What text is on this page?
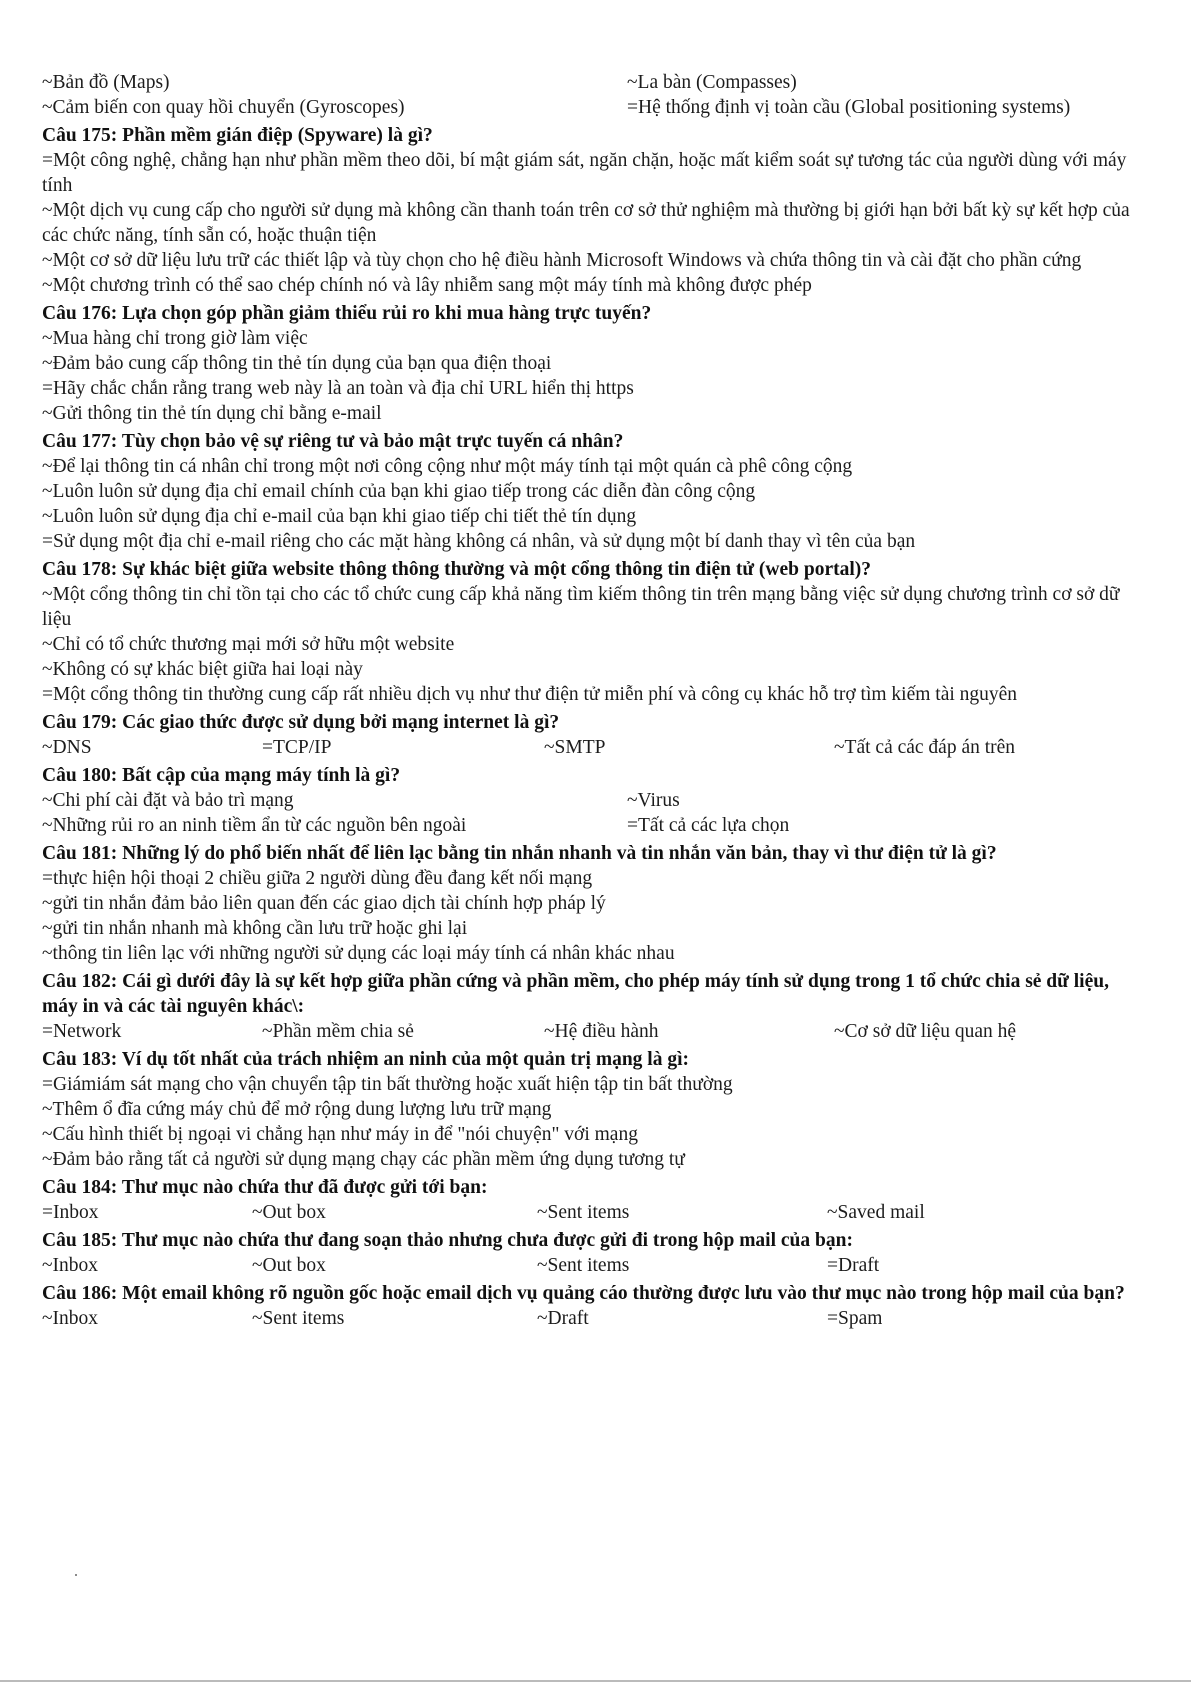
~Bản đồ (Maps)	~La bàn (Compasses)
~Cảm biến con quay hồi chuyển (Gyroscopes)	=Hệ thống định vị toàn cầu (Global positioning systems)
Câu 175: Phần mềm gián điệp (Spyware) là gì?
=Một công nghệ, chẳng hạn như phần mềm theo dõi, bí mật giám sát, ngăn chặn, hoặc mất kiểm soát sự tương tác của người dùng với máy tính
~Một dịch vụ cung cấp cho người sử dụng mà không cần thanh toán trên cơ sở thử nghiệm mà thường bị giới hạn bởi bất kỳ sự kết hợp của các chức năng, tính sẵn có, hoặc thuận tiện
~Một cơ sở dữ liệu lưu trữ các thiết lập và tùy chọn cho hệ điều hành Microsoft Windows và chứa thông tin và cài đặt cho phần cứng
~Một chương trình có thể sao chép chính nó và lây nhiễm sang một máy tính mà không được phép
Câu 176: Lựa chọn góp phần giảm thiểu rủi ro khi mua hàng trực tuyến?
~Mua hàng chỉ trong giờ làm việc
~Đảm bảo cung cấp thông tin thẻ tín dụng của bạn qua điện thoại
=Hãy chắc chắn rằng trang web này là an toàn và địa chỉ URL hiển thị https
~Gửi thông tin thẻ tín dụng chỉ bằng e-mail
Câu 177: Tùy chọn bảo vệ sự riêng tư và bảo mật trực tuyến cá nhân?
~Để lại thông tin cá nhân chỉ trong một nơi công cộng như một máy tính tại một quán cà phê công cộng
~Luôn luôn sử dụng địa chỉ email chính của bạn khi giao tiếp trong các diễn đàn công cộng
~Luôn luôn sử dụng địa chỉ e-mail của bạn khi giao tiếp chi tiết thẻ tín dụng
=Sử dụng một địa chỉ e-mail riêng cho các mặt hàng không cá nhân, và sử dụng một bí danh thay vì tên của bạn
Câu 178: Sự khác biệt giữa website thông thông thường và một cổng thông tin điện tử (web portal)?
~Một cổng thông tin chỉ tồn tại cho các tổ chức cung cấp khả năng tìm kiếm thông tin trên mạng bằng việc sử dụng chương trình cơ sở dữ liệu
~Chỉ có tổ chức thương mại mới sở hữu một website
~Không có sự khác biệt giữa hai loại này
=Một cổng thông tin thường cung cấp rất nhiều dịch vụ như thư điện tử miễn phí và công cụ khác hỗ trợ tìm kiếm tài nguyên
Câu 179: Các giao thức được sử dụng bởi mạng internet là gì?
~DNS	=TCP/IP	~SMTP	~Tất cả các đáp án trên
Câu 180: Bất cập của mạng máy tính là gì?
~Chi phí cài đặt và bảo trì mạng	~Virus
~Những rủi ro an ninh tiềm ẩn từ các nguồn bên ngoài	=Tất cả các lựa chọn
Câu 181: Những lý do phổ biến nhất để liên lạc bằng tin nhắn nhanh và tin nhắn văn bản, thay vì thư điện tử là gì?
=thực hiện hội thoại 2 chiều giữa 2 người dùng đều đang kết nối mạng
~gửi tin nhắn đảm bảo liên quan đến các giao dịch tài chính hợp pháp lý
~gửi tin nhắn nhanh mà không cần lưu trữ hoặc ghi lại
~thông tin liên lạc với những người sử dụng các loại máy tính cá nhân khác nhau
Câu 182: Cái gì dưới đây là sự kết hợp giữa phần cứng và phần mềm, cho phép máy tính sử dụng trong 1 tổ chức chia sẻ dữ liệu, máy in và các tài nguyên khác\:
=Network	~Phần mềm chia sẻ	~Hệ điều hành	~Cơ sở dữ liệu quan hệ
Câu 183: Ví dụ tốt nhất của trách nhiệm an ninh của một quản trị mạng là gì:
=Giámiám sát mạng cho vận chuyển tập tin bất thường hoặc xuất hiện tập tin bất thường
~Thêm ổ đĩa cứng máy chủ để mở rộng dung lượng lưu trữ mạng
~Cấu hình thiết bị ngoại vi chẳng hạn như máy in để "nói chuyện" với mạng
~Đảm bảo rằng tất cả người sử dụng mạng chạy các phần mềm ứng dụng tương tự
Câu 184: Thư mục nào chứa thư đã được gửi tới bạn:
=Inbox	~Out box	~Sent items	~Saved mail
Câu 185: Thư mục nào chứa thư đang soạn thảo nhưng chưa được gửi đi trong hộp mail của bạn:
~Inbox	~Out box	~Sent items	=Draft
Câu 186: Một email không rõ nguồn gốc hoặc email dịch vụ quảng cáo thường được lưu vào thư mục nào trong hộp mail của bạn?
~Inbox	~Sent items	~Draft	=Spam
